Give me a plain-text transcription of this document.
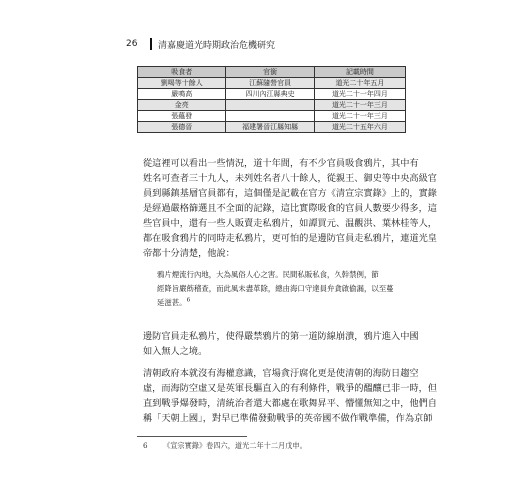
26	清嘉慶道光時期政治危機研究
吸食者	官銜	記載時間
劉喝等十餘人	江蘇隨營官員	道光二十年五月
嚴鳴高	四川內江縣典史	道光二十一年四月
金亮		道光二十一年三月
張蘊發		道光二十一年三月
張德晉	福建署晉江縣知縣	道光二十五年六月
從這裡可以看出一些情況，道十年間，有不少官員吸食鴉片，其中有
姓名可查者三十九人，未列姓名者八十餘人，從親王、御史等中央高級官
員到縣鎮基層官員都有，這個僅是記載在官方《清宣宗實錄》上的，實錄
是經過嚴格篩選且不全面的記錄，這比實際吸食的官員人數要少得多，這
些官員中，還有一些人販賣走私鴉片，如譚買元、温觀洪、葉林桂等人，
都在吸食鴉片的同時走私鴉片，更可怕的是邊防官員走私鴉片，連道光皇
帝都十分清楚，他說：
鴉片煙流行內地，大為風俗人心之害。民間私販私食，久幹禁例，節
經降旨嚴飭稽查，而此風未盡革除，總由海口守達員弁貪啟偷漏，以至蔓
延滋甚。$^6$
邊防官員走私鴉片，使得嚴禁鴉片的第一道防線崩潰，鴉片進入中國
如入無人之境。
清朝政府本就沒有海權意識，官場貪汙腐化更是使清朝的海防日趨空
虛，而海防空虛又是英軍長驅直入的有利條件，戰爭的醞釀已非一時，但
直到戰爭爆發時，清統治者還大都處在歌舞昇平、懵懂無知之中，他們自
稱「天朝上國」，對早已準備發動戰爭的英帝國不做作戰準備，作為京師
6 《宣宗實錄》卷四六，道光二年十二月戊申。
